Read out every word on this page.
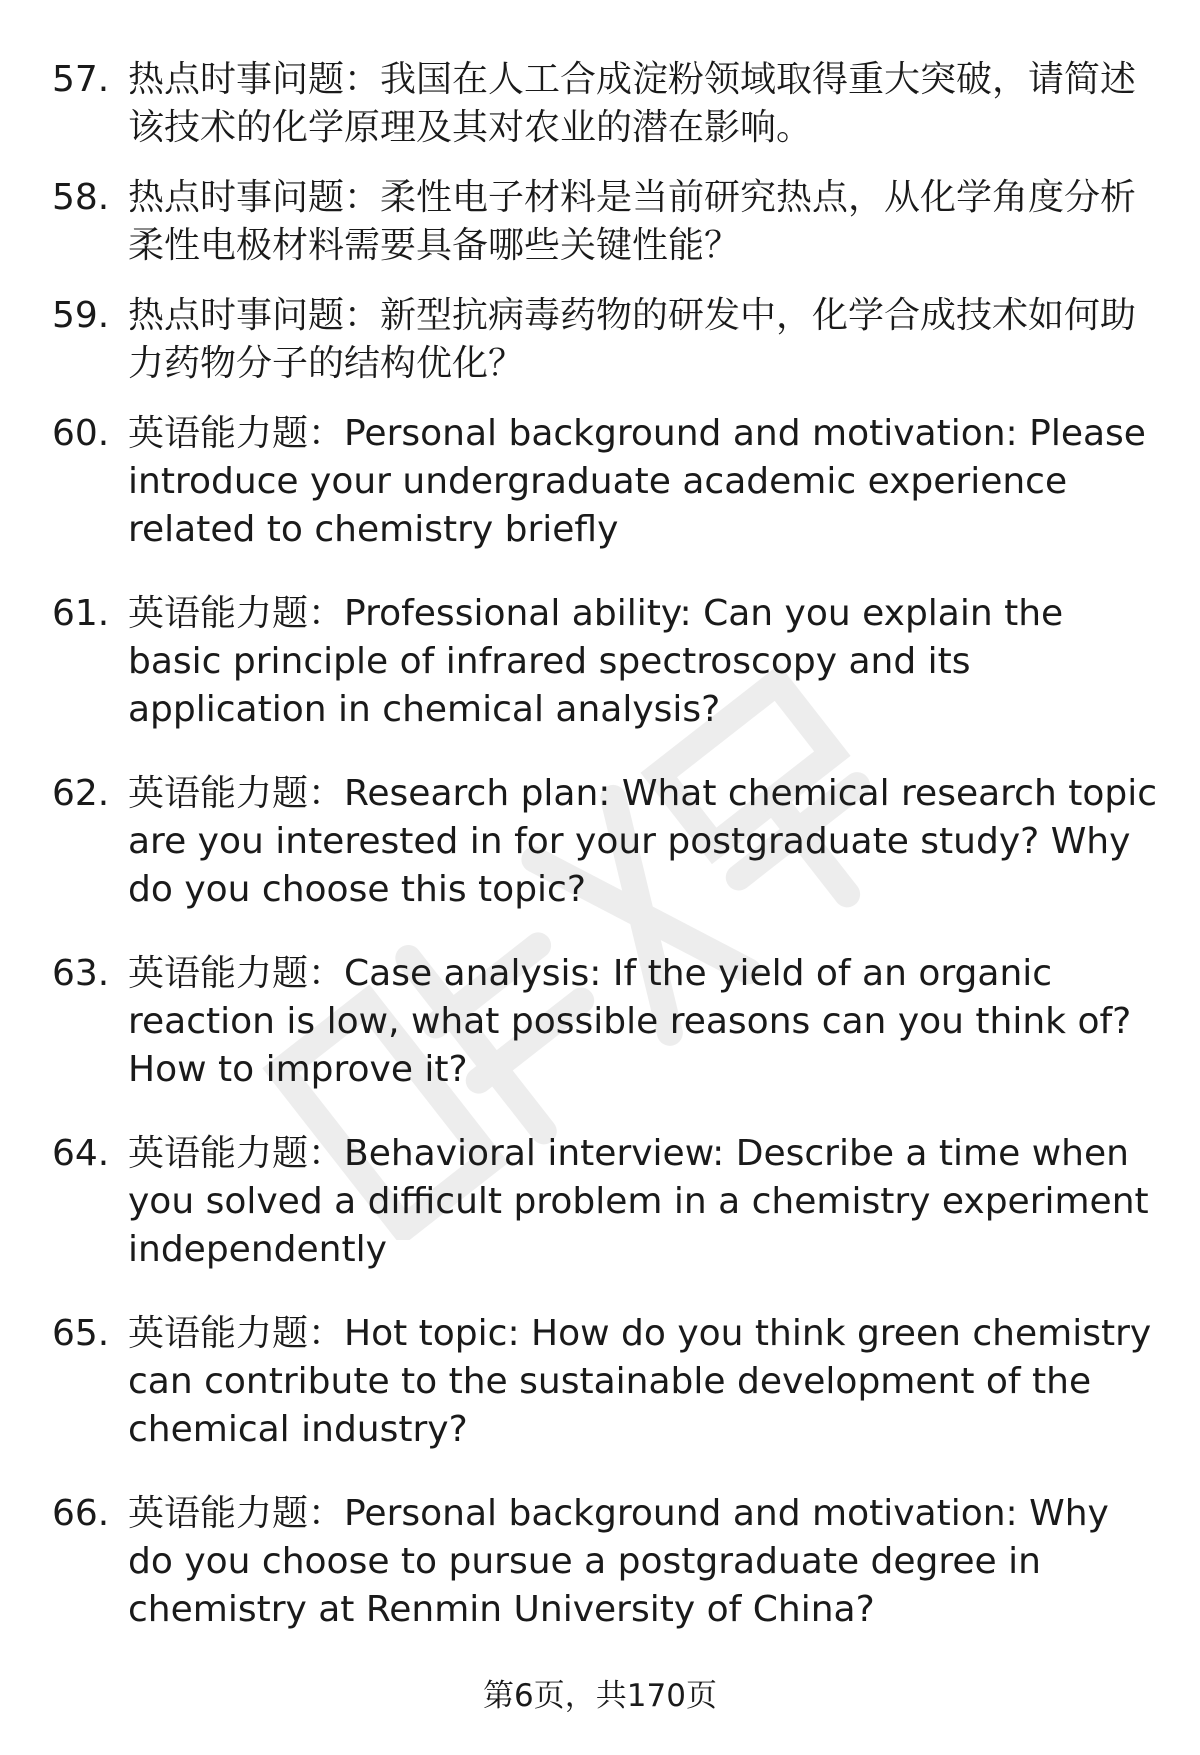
57. 热点时事问题：我国在人工合成淀粉领域取得重大突破，请简述该技术的化学原理及其对农业的潜在影响。
58. 热点时事问题：柔性电子材料是当前研究热点，从化学角度分析柔性电极材料需要具备哪些关键性能？
59. 热点时事问题：新型抗病毒药物的研发中，化学合成技术如何助力药物分子的结构优化？
60. 英语能力题：Personal background and motivation: Please introduce your undergraduate academic experience related to chemistry briefly
61. 英语能力题：Professional ability: Can you explain the basic principle of infrared spectroscopy and its application in chemical analysis?
62. 英语能力题：Research plan: What chemical research topic are you interested in for your postgraduate study? Why do you choose this topic?
63. 英语能力题：Case analysis: If the yield of an organic reaction is low, what possible reasons can you think of? How to improve it?
64. 英语能力题：Behavioral interview: Describe a time when you solved a difficult problem in a chemistry experiment independently
65. 英语能力题：Hot topic: How do you think green chemistry can contribute to the sustainable development of the chemical industry?
66. 英语能力题：Personal background and motivation: Why do you choose to pursue a postgraduate degree in chemistry at Renmin University of China?
第6页，共170页
